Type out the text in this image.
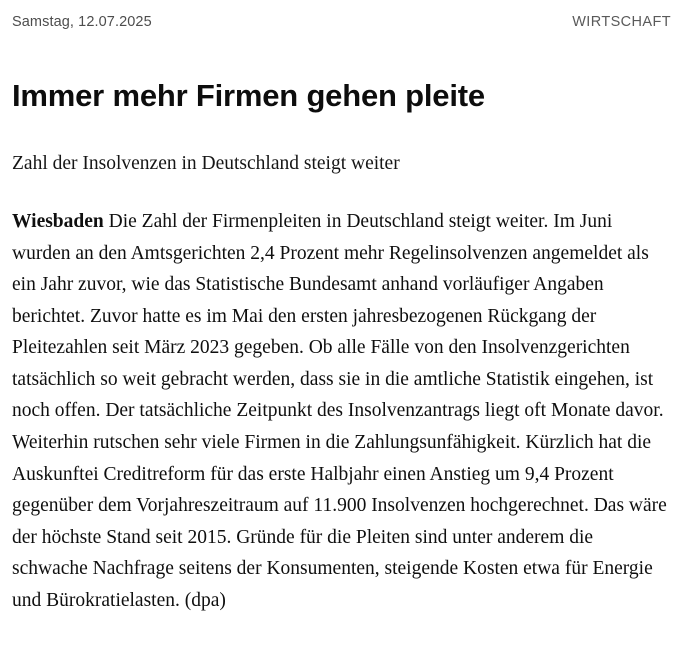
Samstag, 12.07.2025	WIRTSCHAFT
Immer mehr Firmen gehen pleite

Zahl der Insolvenzen in Deutschland steigt weiter

Wiesbaden Die Zahl der Firmenpleiten in Deutschland steigt weiter. Im Juni wurden an den Amtsgerichten 2,4 Prozent mehr Regelinsolvenzen angemeldet als ein Jahr zuvor, wie das Statistische Bundesamt anhand vorläufiger Angaben berichtet. Zuvor hatte es im Mai den ersten jahresbezogenen Rückgang der Pleitezahlen seit März 2023 gegeben. Ob alle Fälle von den Insolvenzgerichten tatsächlich so weit gebracht werden, dass sie in die amtliche Statistik eingehen, ist noch offen. Der tatsächliche Zeitpunkt des Insolvenzantrags liegt oft Monate davor. Weiterhin rutschen sehr viele Firmen in die Zahlungsunfähigkeit. Kürzlich hat die Auskunftei Creditreform für das erste Halbjahr einen Anstieg um 9,4 Prozent gegenüber dem Vorjahreszeitraum auf 11.900 Insolvenzen hochgerechnet. Das wäre der höchste Stand seit 2015. Gründe für die Pleiten sind unter anderem die schwache Nachfrage seitens der Konsumenten, steigende Kosten etwa für Energie und Bürokratielasten. (dpa)
